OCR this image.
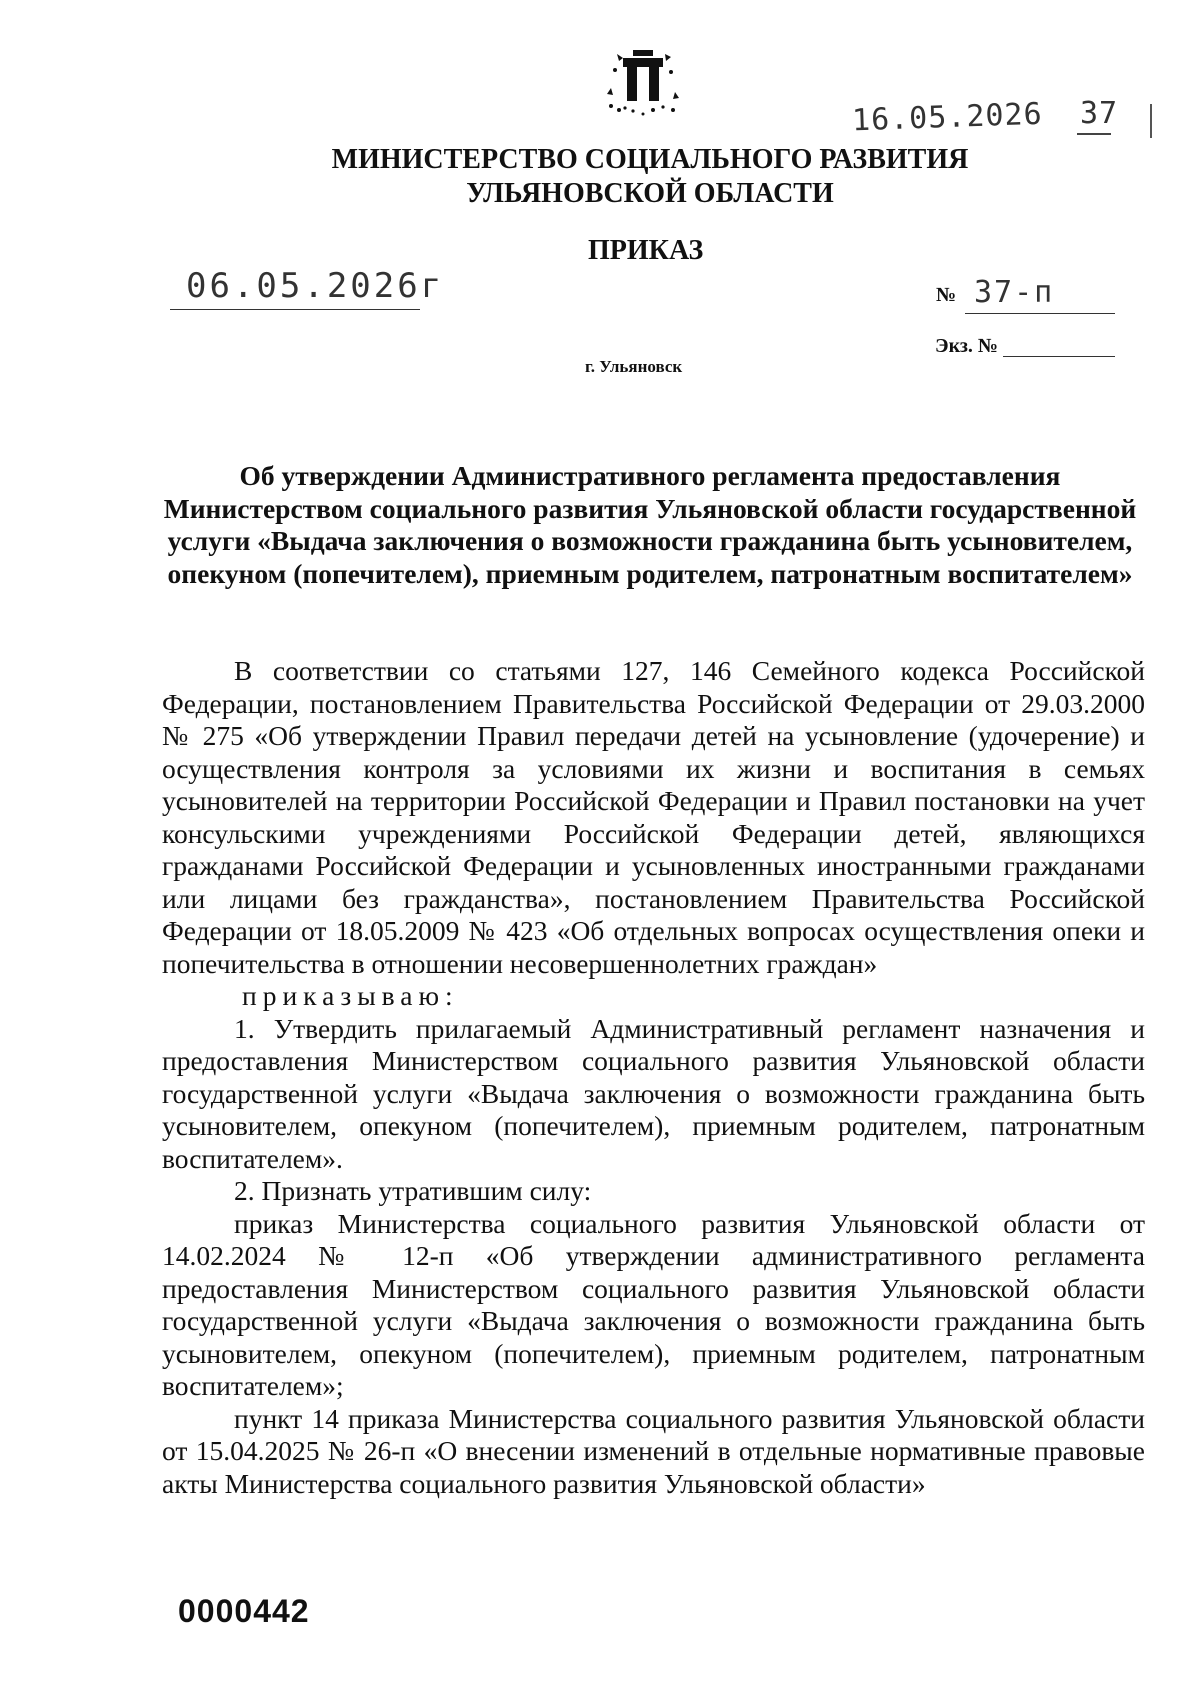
16.05.2026 37
МИНИСТЕРСТВО СОЦИАЛЬНОГО РАЗВИТИЯ
УЛЬЯНОВСКОЙ ОБЛАСТИ
ПРИКАЗ
06.05.2026г	№ 37-п
Экз. №
г. Ульяновск
Об утверждении Административного регламента предоставления Министерством социального развития Ульяновской области государственной услуги «Выдача заключения о возможности гражданина быть усыновителем, опекуном (попечителем), приемным родителем, патронатным воспитателем»

В соответствии со статьями 127, 146 Семейного кодекса Российской Федерации, постановлением Правительства Российской Федерации от 29.03.2000 № 275 «Об утверждении Правил передачи детей на усыновление (удочерение) и осуществления контроля за условиями их жизни и воспитания в семьях усыновителей на территории Российской Федерации и Правил постановки на учет консульскими учреждениями Российской Федерации детей, являющихся гражданами Российской Федерации и усыновленных иностранными гражданами или лицами без гражданства», постановлением Правительства Российской Федерации от 18.05.2009 № 423 «Об отдельных вопросах осуществления опеки и попечительства в отношении несовершеннолетних граждан»

приказываю:

1. Утвердить прилагаемый Административный регламент назначения и предоставления Министерством социального развития Ульяновской области государственной услуги «Выдача заключения о возможности гражданина быть усыновителем, опекуном (попечителем), приемным родителем, патронатным воспитателем».

2. Признать утратившим силу:

приказ Министерства социального развития Ульяновской области от 14.02.2024 № 12-п «Об утверждении административного регламента предоставления Министерством социального развития Ульяновской области государственной услуги «Выдача заключения о возможности гражданина быть усыновителем, опекуном (попечителем), приемным родителем, патронатным воспитателем»;

пункт 14 приказа Министерства социального развития Ульяновской области от 15.04.2025 № 26-п «О внесении изменений в отдельные нормативные правовые акты Министерства социального развития Ульяновской области»

0000442
